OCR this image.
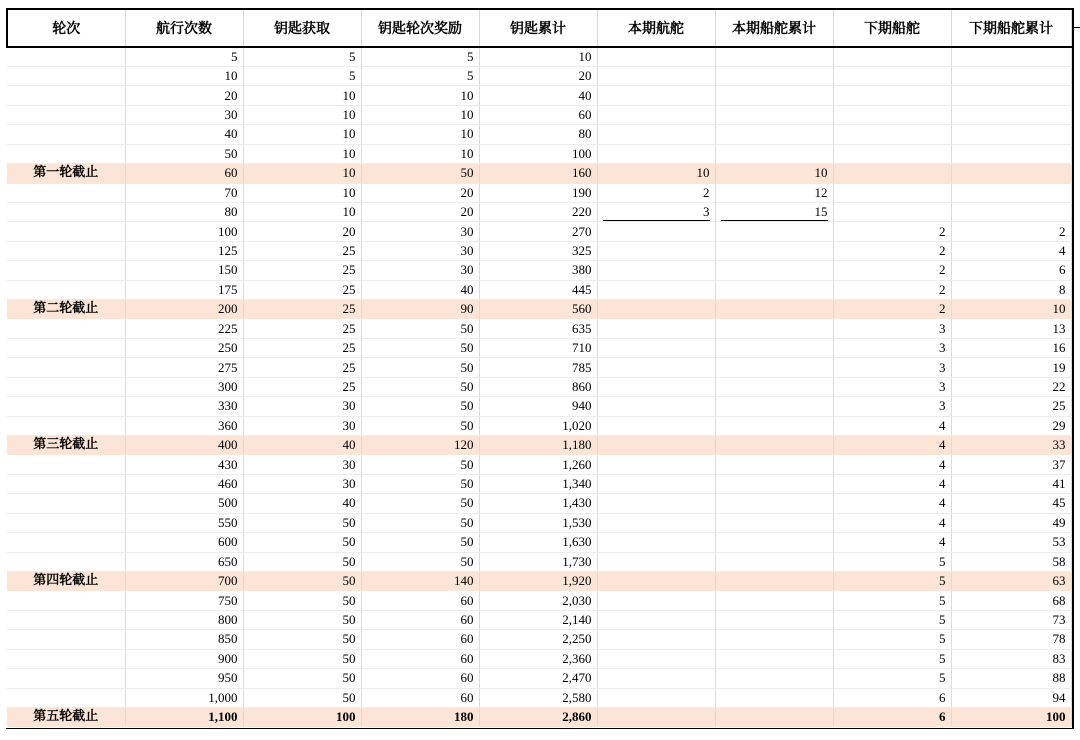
轮次	航行次数	钥匙获取	钥匙轮次奖励	钥匙累计	本期航舵	本期船舵累计	下期船舵	下期船舵累计
	5	5	5	10				
	10	5	5	20				
	20	10	10	40				
	30	10	10	60				
	40	10	10	80				
	50	10	10	100				
第一轮截止	60	10	50	160	10	10		
	70	10	20	190	2	12		
	80	10	20	220	3	15		

	100	20	30	270			2	2
	125	25	30	325			2	4
	150	25	30	380			2	6
	175	25	40	445			2	8
第二轮截止	200	25	90	560			2	10
	225	25	50	635			3	13
	250	25	50	710			3	16
	275	25	50	785			3	19
	300	25	50	860			3	22
	330	30	50	940			3	25
	360	30	50	1,020			4	29
第三轮截止	400	40	120	1,180			4	33
	430	30	50	1,260			4	37
	460	30	50	1,340			4	41
	500	40	50	1,430			4	45
	550	50	50	1,530			4	49
	600	50	50	1,630			4	53
	650	50	50	1,730			5	58
第四轮截止	700	50	140	1,920			5	63
	750	50	60	2,030			5	68
	800	50	60	2,140			5	73
	850	50	60	2,250			5	78
	900	50	60	2,360			5	83
	950	50	60	2,470			5	88
	1,000	50	60	2,580			6	94
第五轮截止	1,100	100	180	2,860			6	100
